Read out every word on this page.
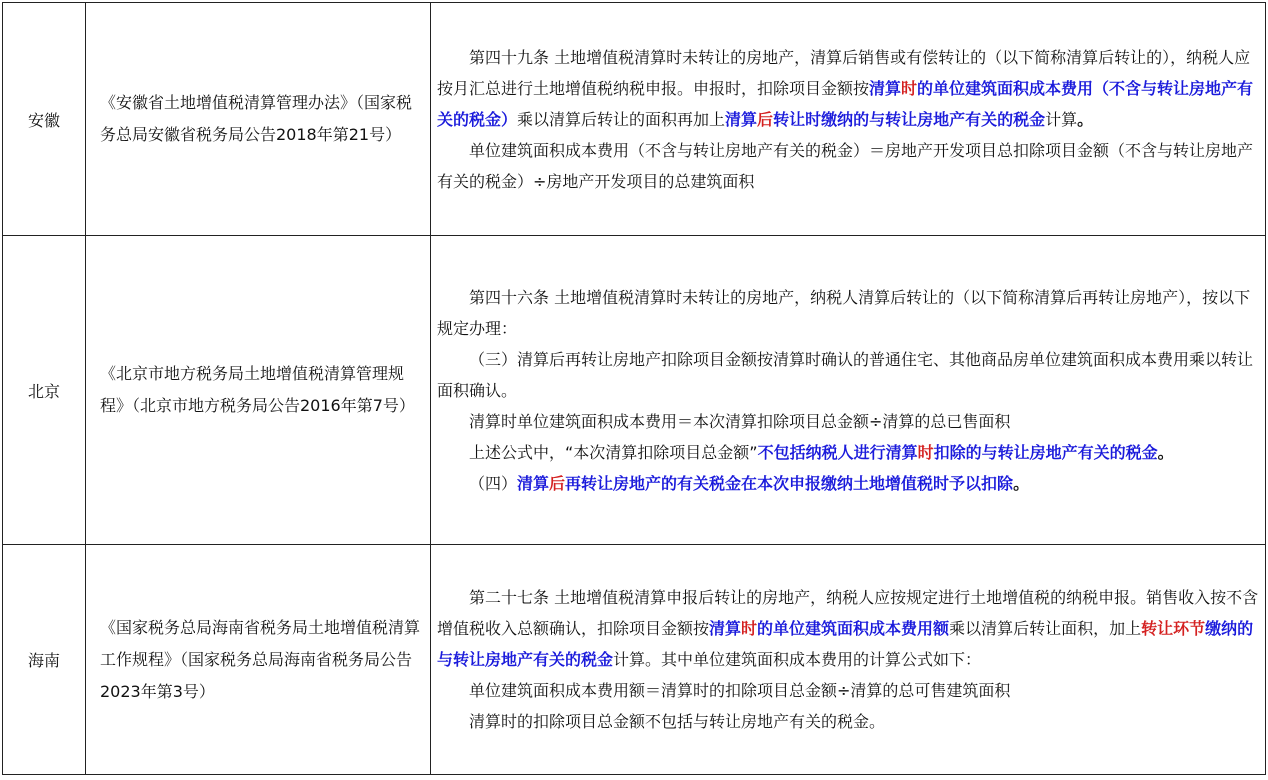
安徽	《安徽省土地增值税清算管理办法》（国家税务总局安徽省税务局公告2018年第21号）	第四十九条 土地增值税清算时未转让的房地产，清算后销售或有偿转让的（以下简称清算后转让的），纳税人应按月汇总进行土地增值税纳税申报。申报时，扣除项目金额按清算时的单位建筑面积成本费用（不含与转让房地产有关的税金）乘以清算后转让的面积再加上清算后转让时缴纳的与转让房地产有关的税金计算。

单位建筑面积成本费用（不含与转让房地产有关的税金）＝房地产开发项目总扣除项目金额（不含与转让房地产有关的税金）÷房地产开发项目的总建筑面积

北京	《北京市地方税务局土地增值税清算管理规程》（北京市地方税务局公告2016年第7号）	第四十六条 土地增值税清算时未转让的房地产，纳税人清算后转让的（以下简称清算后再转让房地产），按以下规定办理：

（三）清算后再转让房地产扣除项目金额按清算时确认的普通住宅、其他商品房单位建筑面积成本费用乘以转让面积确认。

清算时单位建筑面积成本费用＝本次清算扣除项目总金额÷清算的总已售面积

上述公式中，“本次清算扣除项目总金额”不包括纳税人进行清算时扣除的与转让房地产有关的税金。

（四）清算后再转让房地产的有关税金在本次申报缴纳土地增值税时予以扣除。

海南	《国家税务总局海南省税务局土地增值税清算工作规程》（国家税务总局海南省税务局公告2023年第3号）	第二十七条 土地增值税清算申报后转让的房地产，纳税人应按规定进行土地增值税的纳税申报。销售收入按不含增值税收入总额确认，扣除项目金额按清算时的单位建筑面积成本费用额乘以清算后转让面积，加上转让环节缴纳的与转让房地产有关的税金计算。其中单位建筑面积成本费用的计算公式如下：

单位建筑面积成本费用额＝清算时的扣除项目总金额÷清算的总可售建筑面积

清算时的扣除项目总金额不包括与转让房地产有关的税金。
